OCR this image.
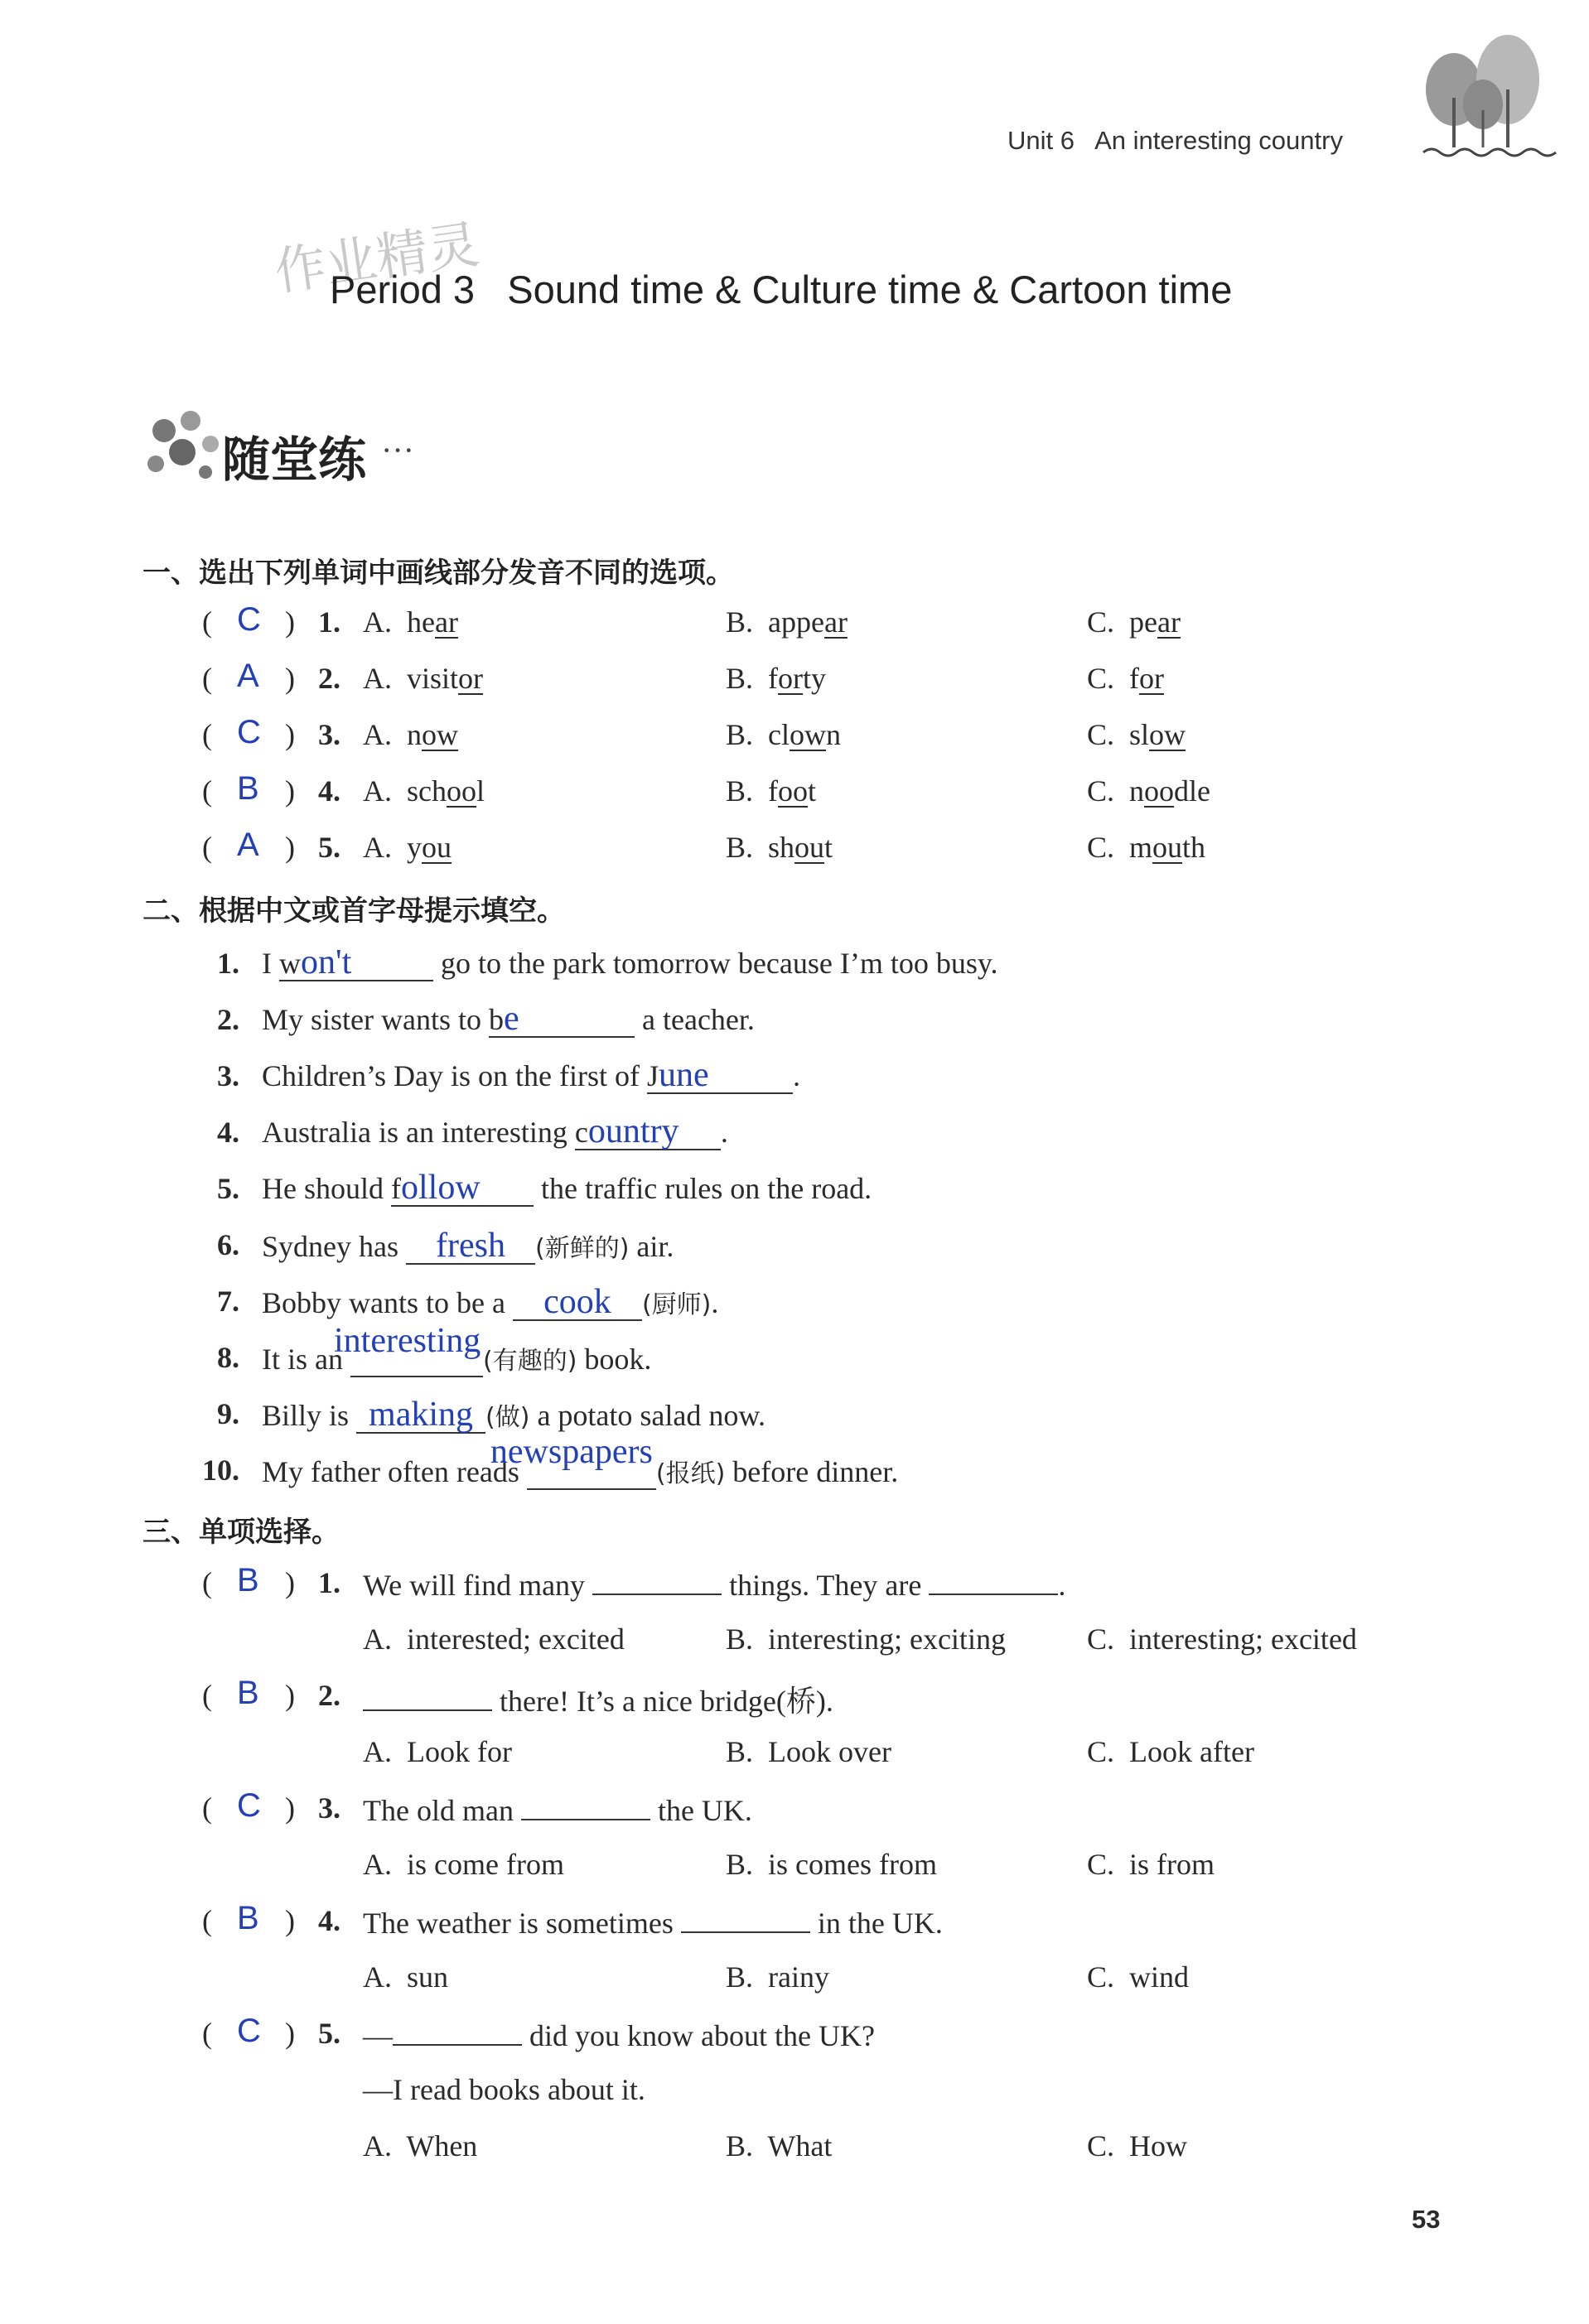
Unit 6 An interesting country
作业精灵
Period 3   Sound time & Culture time & Cartoon time
随堂练 ···
一、选出下列单词中画线部分发音不同的选项。
( C ) 1. A. hear	B. appear	C. pear
( A ) 2. A. visitor	B. forty	C. for
( C ) 3. A. now	B. clown	C. slow
( B ) 4. A. school	B. foot	C. noodle
( A ) 5. A. you	B. shout	C. mouth
二、根据中文或首字母提示填空。
1. I won't	go to the park tomorrow because I’m too busy.
2. My sister wants to be	a teacher.
3. Children’s Day is on the first of June	.
4. Australia is an interesting country .
5. He should follow the traffic rules on the road.
6. Sydney has fresh (新鲜的) air.
7. Bobby wants to be a cook (厨师).
8. It is an
interesting
(有趣的) book.
9. Billy is making (做) a potato salad now.
10. My father often reads
newspapers
(报纸) before dinner.
三、单项选择。
( B ) 1. We will find many	things. They are	.
A.  interested; excited	B.  interesting; exciting	C.  interesting; excited
( B ) 2.	there! It’s a nice bridge(桥).
A.  Look for	B.  Look over	C.  Look after
( C ) 3. The old man	the UK.
A.  is come from	B.  is comes from	C.  is from
( B ) 4. The weather is sometimes	in the UK.
A.  sun	B.  rainy	C.  wind
( C ) 5. —	did you know about the UK?
—I read books about it.
A.  When	B.  What	C.  How
53
